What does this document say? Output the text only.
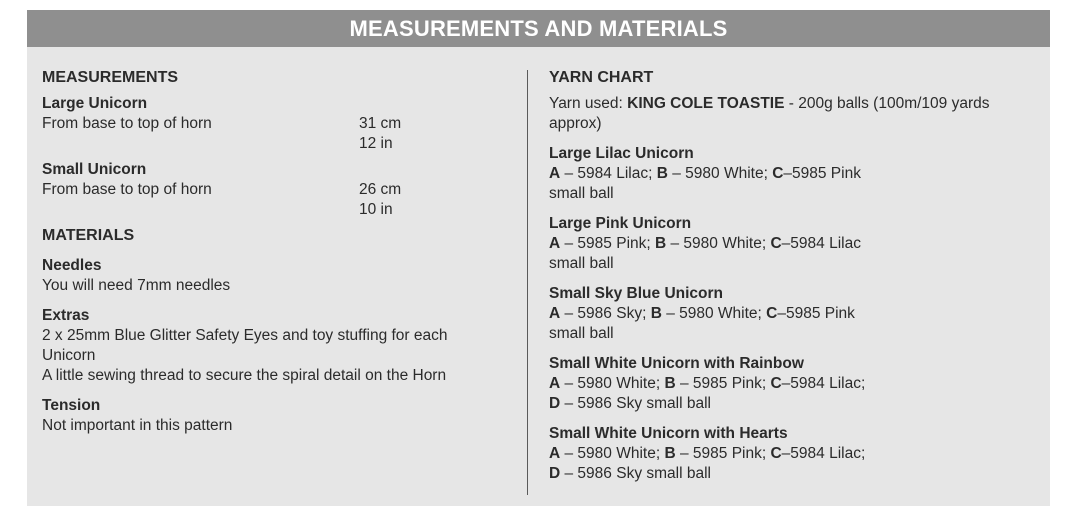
MEASUREMENTS AND MATERIALS
MEASUREMENTS
Large Unicorn
From base to top of horn	31 cm
12 in
Small Unicorn
From base to top of horn	26 cm
10 in
MATERIALS
Needles
You will need 7mm needles
Extras
2 x 25mm Blue Glitter Safety Eyes and toy stuffing for each
Unicorn
A little sewing thread to secure the spiral detail on the Horn
Tension
Not important in this pattern
YARN CHART
Yarn used: KING COLE TOASTIE - 200g balls (100m/109 yards
approx)
Large Lilac Unicorn
A – 5984 Lilac; B – 5980 White; C–5985 Pink
small ball
Large Pink Unicorn
A – 5985 Pink; B – 5980 White; C–5984 Lilac
small ball
Small Sky Blue Unicorn
A – 5986 Sky; B – 5980 White; C–5985 Pink
small ball
Small White Unicorn with Rainbow
A – 5980 White; B – 5985 Pink; C–5984 Lilac;
D – 5986 Sky small ball
Small White Unicorn with Hearts
A – 5980 White; B – 5985 Pink; C–5984 Lilac;
D – 5986 Sky small ball
